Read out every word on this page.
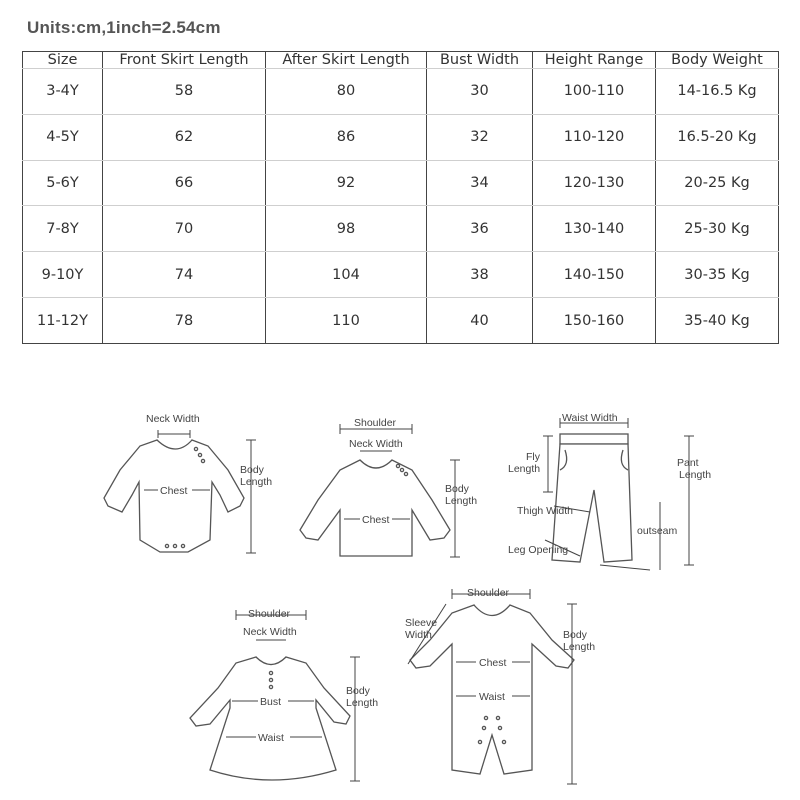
Units:cm,1inch=2.54cm
Size	Front Skirt Length	After Skirt Length	Bust Width	Height Range	Body Weight
3-4Y	58	80	30	100-110	14-16.5 Kg
4-5Y	62	86	32	110-120	16.5-20 Kg
5-6Y	66	92	34	120-130	20-25 Kg
7-8Y	70	98	36	130-140	25-30 Kg
9-10Y	74	104	38	140-150	30-35 Kg
11-12Y	78	110	40	150-160	35-40 Kg
Neck Width
Chest
Body
Length
Shoulder
Neck Width
Chest
Body
Length
Waist Width
Fly
Length	Pant
Length
Thigh Width
outseam
Leg Opening
Shoulder
Neck Width
Bust
Waist
Body
Length
Shoulder
Sleeve
Width
Chest
Waist
Body
Length
